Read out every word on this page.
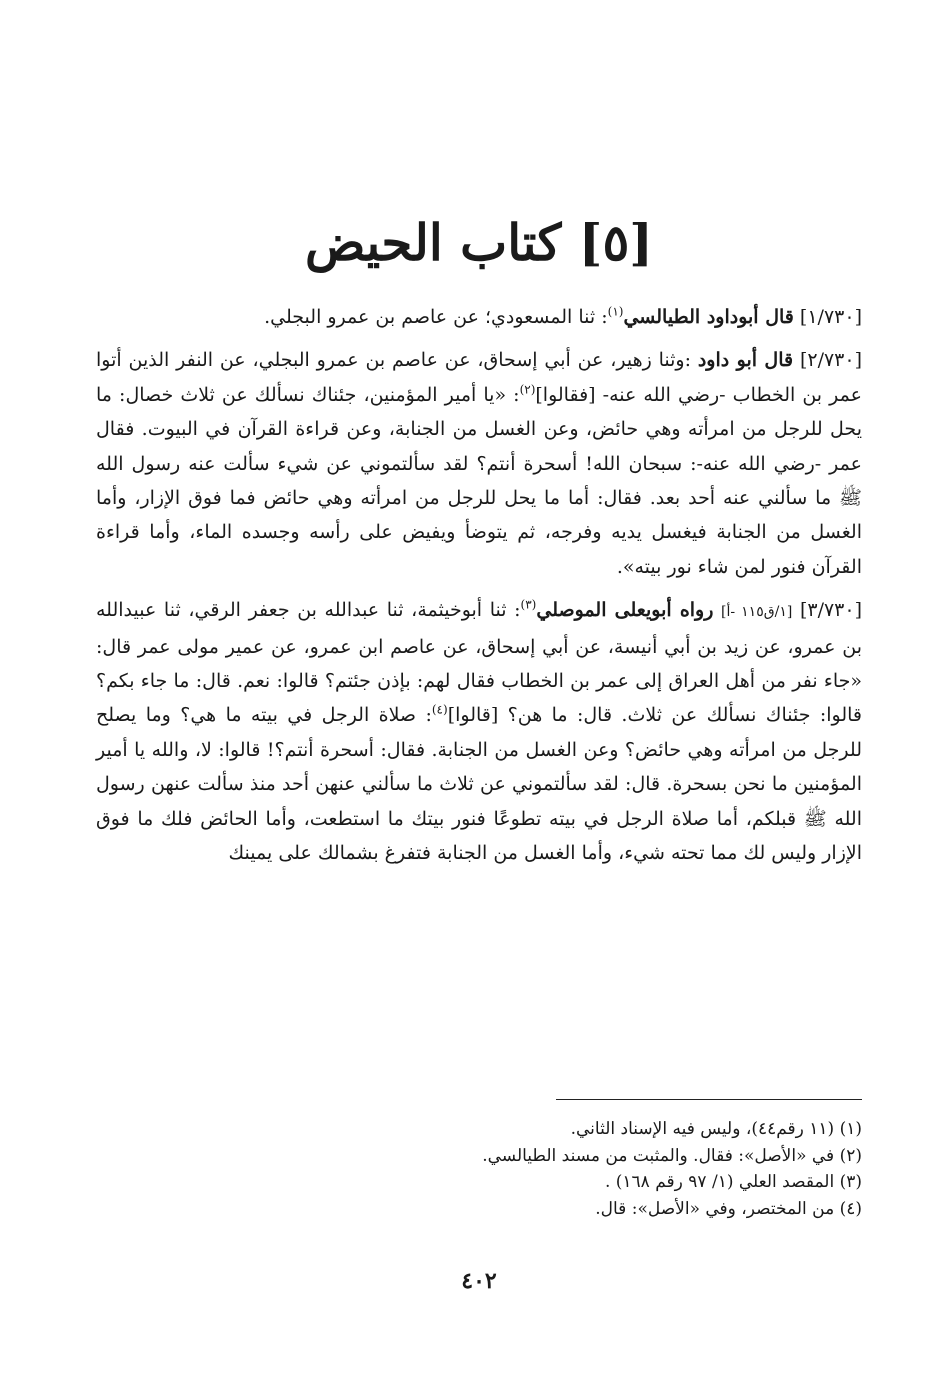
[٥] كتاب الحيض

[١/٧٣٠] قال أبوداود الطيالسي$^{(١)}$: ثنا المسعودي؛ عن عاصم بن عمرو البجلي.

[٢/٧٣٠] قال أبو داود :وثنا زهير، عن أبي إسحاق، عن عاصم بن عمرو البجلي، عن النفر الذين أتوا عمر بن الخطاب -رضي الله عنه- [فقالوا]$^{(٢)}$: «يا أمير المؤمنين، جئناك نسألك عن ثلاث خصال: ما يحل للرجل من امرأته وهي حائض، وعن الغسل من الجنابة، وعن قراءة القرآن في البيوت. فقال عمر -رضي الله عنه-: سبحان الله! أسحرة أنتم؟ لقد سألتموني عن شيء سألت عنه رسول الله ﷺ ما سألني عنه أحد بعد. فقال: أما ما يحل للرجل من امرأته وهي حائض فما فوق الإزار، وأما الغسل من الجنابة فيغسل يديه وفرجه، ثم يتوضأ ويفيض على رأسه وجسده الماء، وأما قراءة القرآن فنور لمن شاء نور بيته».

[٣/٧٣٠] [١/ق١١٥ -أ] رواه أبويعلى الموصلي$^{(٣)}$: ثنا أبوخيثمة، ثنا عبدالله بن جعفر الرقي، ثنا عبيدالله بن عمرو، عن زيد بن أبي أنيسة، عن أبي إسحاق، عن عاصم ابن عمرو، عن عمير مولى عمر قال: «جاء نفر من أهل العراق إلى عمر بن الخطاب فقال لهم: بإذن جئتم؟ قالوا: نعم. قال: ما جاء بكم؟ قالوا: جئناك نسألك عن ثلاث. قال: ما هن؟ [قالوا]$^{(٤)}$: صلاة الرجل في بيته ما هي؟ وما يصلح للرجل من امرأته وهي حائض؟ وعن الغسل من الجنابة. فقال: أسحرة أنتم؟! قالوا: لا، والله يا أمير المؤمنين ما نحن بسحرة. قال: لقد سألتموني عن ثلاث ما سألني عنهن أحد منذ سألت عنهن رسول الله ﷺ قبلكم، أما صلاة الرجل في بيته تطوعًا فنور بيتك ما استطعت، وأما الحائض فلك ما فوق الإزار وليس لك مما تحته شيء، وأما الغسل من الجنابة فتفرغ بشمالك على يمينك

(١) (١١ رقم٤٤)، وليس فيه الإسناد الثاني.

(٢) في «الأصل»: فقال. والمثبت من مسند الطيالسي.

(٣) المقصد العلي (١/ ٩٧ رقم ١٦٨) .

(٤) من المختصر، وفي «الأصل»: قال.

٤٠٢
